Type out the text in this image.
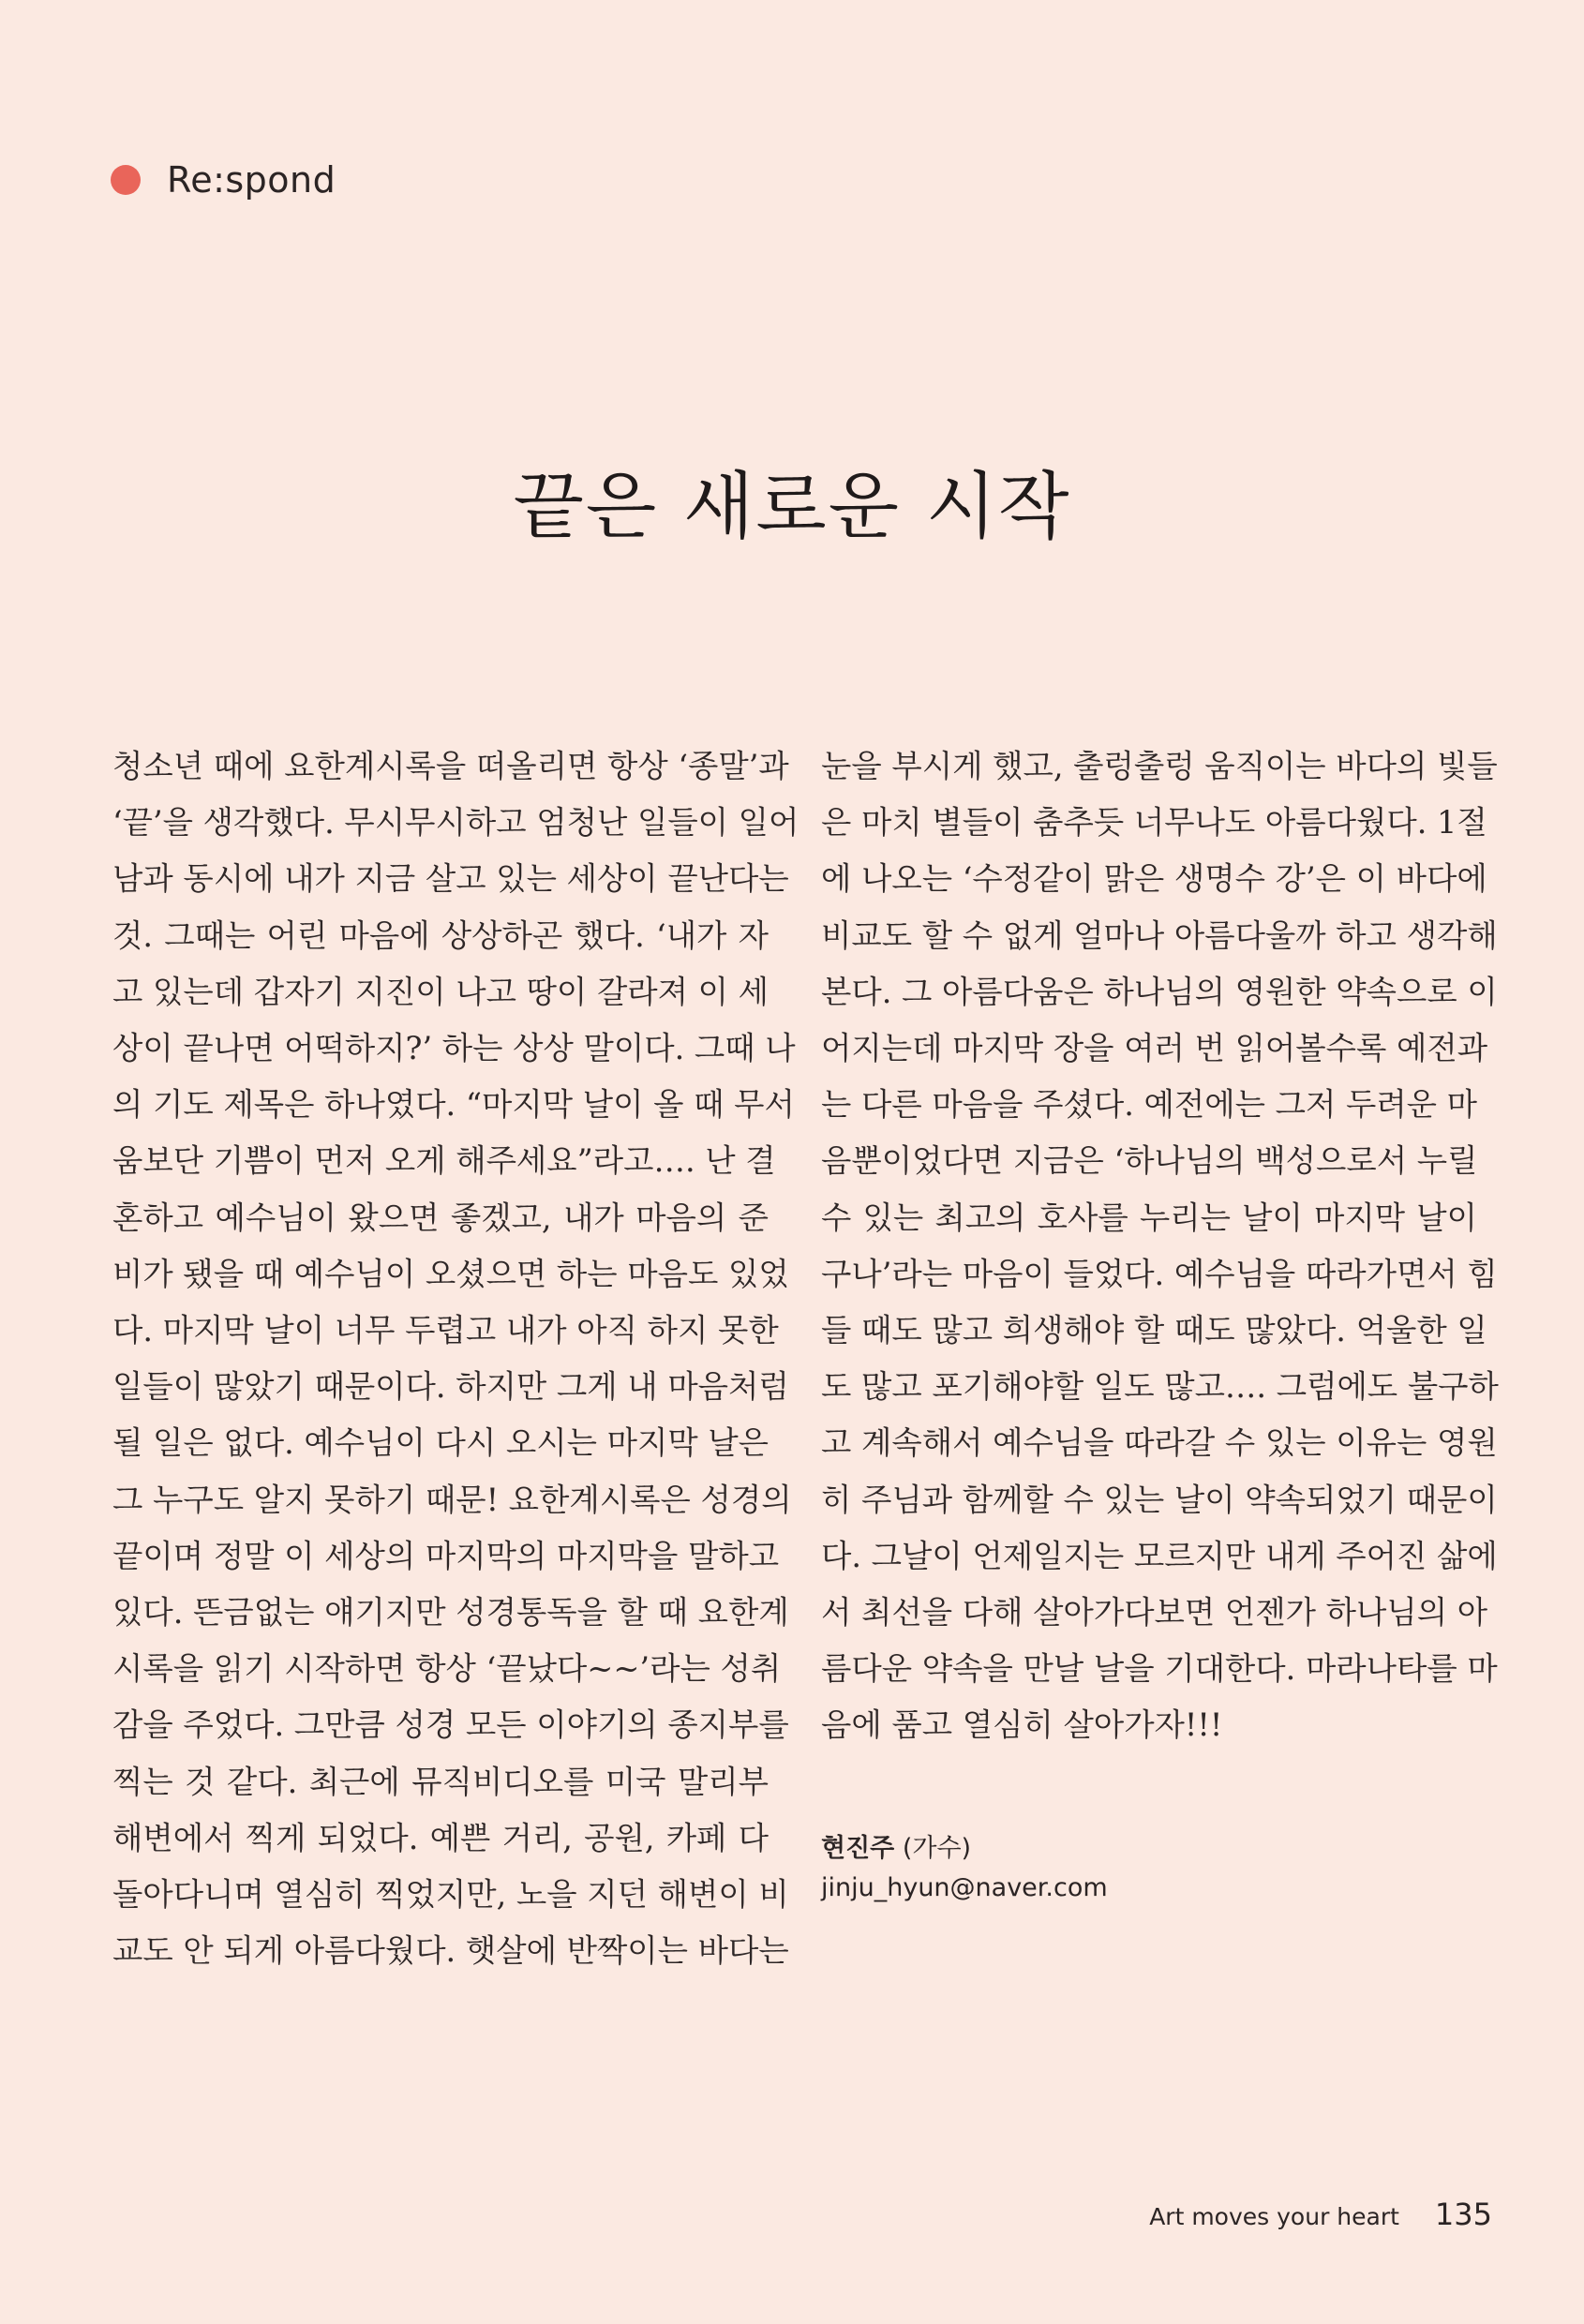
Re:spond
끝은 새로운 시작
청소년 때에 요한계시록을 떠올리면 항상 ‘종말’과
‘끝’을 생각했다. 무시무시하고 엄청난 일들이 일어
남과 동시에 내가 지금 살고 있는 세상이 끝난다는
것. 그때는 어린 마음에 상상하곤 했다. ‘내가 자
고 있는데 갑자기 지진이 나고 땅이 갈라져 이 세
상이 끝나면 어떡하지?’ 하는 상상 말이다. 그때 나
의 기도 제목은 하나였다. “마지막 날이 올 때 무서
움보단 기쁨이 먼저 오게 해주세요”라고…. 난 결
혼하고 예수님이 왔으면 좋겠고, 내가 마음의 준
비가 됐을 때 예수님이 오셨으면 하는 마음도 있었
다. 마지막 날이 너무 두렵고 내가 아직 하지 못한
일들이 많았기 때문이다. 하지만 그게 내 마음처럼
될 일은 없다. 예수님이 다시 오시는 마지막 날은
그 누구도 알지 못하기 때문! 요한계시록은 성경의
끝이며 정말 이 세상의 마지막의 마지막을 말하고
있다. 뜬금없는 얘기지만 성경통독을 할 때 요한계
시록을 읽기 시작하면 항상 ‘끝났다~~’라는 성취
감을 주었다. 그만큼 성경 모든 이야기의 종지부를
찍는 것 같다. 최근에 뮤직비디오를 미국 말리부
해변에서 찍게 되었다. 예쁜 거리, 공원, 카페 다
돌아다니며 열심히 찍었지만, 노을 지던 해변이 비
교도 안 되게 아름다웠다. 햇살에 반짝이는 바다는
눈을 부시게 했고, 출렁출렁 움직이는 바다의 빛들
은 마치 별들이 춤추듯 너무나도 아름다웠다. 1절
에 나오는 ‘수정같이 맑은 생명수 강’은 이 바다에
비교도 할 수 없게 얼마나 아름다울까 하고 생각해
본다. 그 아름다움은 하나님의 영원한 약속으로 이
어지는데 마지막 장을 여러 번 읽어볼수록 예전과
는 다른 마음을 주셨다. 예전에는 그저 두려운 마
음뿐이었다면 지금은 ‘하나님의 백성으로서 누릴
수 있는 최고의 호사를 누리는 날이 마지막 날이
구나’라는 마음이 들었다. 예수님을 따라가면서 힘
들 때도 많고 희생해야 할 때도 많았다. 억울한 일
도 많고 포기해야할 일도 많고…. 그럼에도 불구하
고 계속해서 예수님을 따라갈 수 있는 이유는 영원
히 주님과 함께할 수 있는 날이 약속되었기 때문이
다. 그날이 언제일지는 모르지만 내게 주어진 삶에
서 최선을 다해 살아가다보면 언젠가 하나님의 아
름다운 약속을 만날 날을 기대한다. 마라나타를 마
음에 품고 열심히 살아가자!!!
현진주 (가수)
jinju_hyun@naver.com
Art moves your heart 135
